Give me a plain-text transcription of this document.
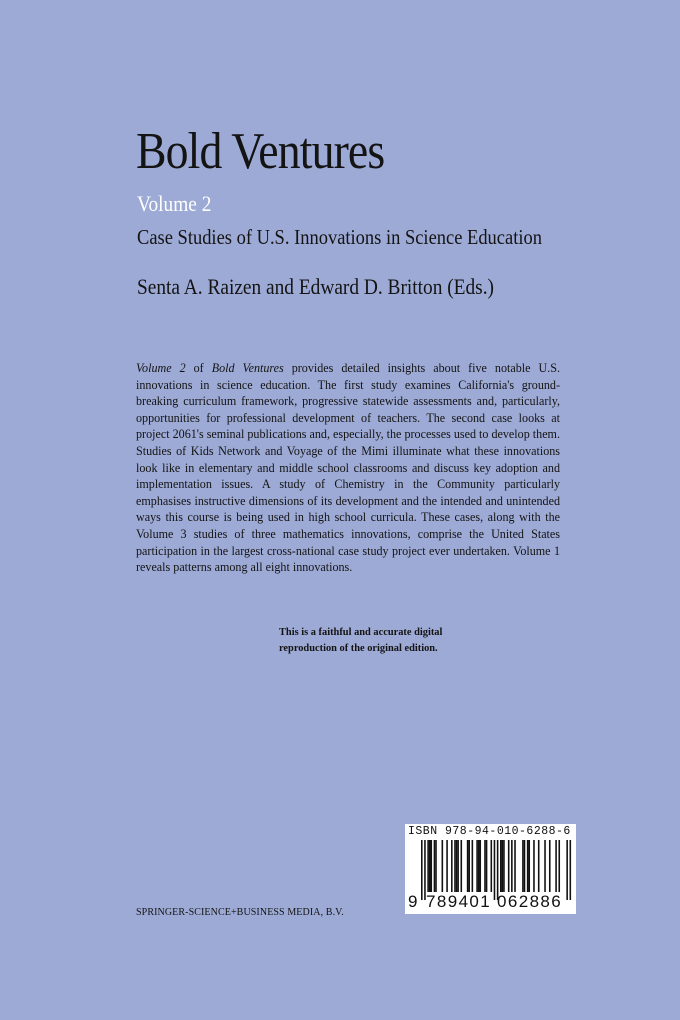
Bold Ventures
Volume 2
Case Studies of U.S. Innovations in Science Education
Senta A. Raizen and Edward D. Britton (Eds.)

Volume 2 of Bold Ventures provides detailed insights about five notable U.S. innovations in science education. The first study examines California's ground-breaking curriculum framework, progressive statewide assessments and, particularly, opportunities for professional development of teachers. The second case looks at project 2061's seminal publications and, especially, the processes used to develop them. Studies of Kids Network and Voyage of the Mimi illuminate what these innovations look like in elementary and middle school classrooms and discuss key adoption and implementation issues. A study of Chemistry in the Community particularly emphasises instructive dimensions of its development and the intended and unintended ways this course is being used in high school curricula. These cases, along with the Volume 3 studies of three mathematics innovations, comprise the United States participation in the largest cross-national case study project ever undertaken. Volume 1 reveals patterns among all eight innovations.

This is a faithful and accurate digital
reproduction of the original edition.
SPRINGER-SCIENCE+BUSINESS MEDIA, B.V.
ISBN 978-94-010-6288-6
9 789401 062886
